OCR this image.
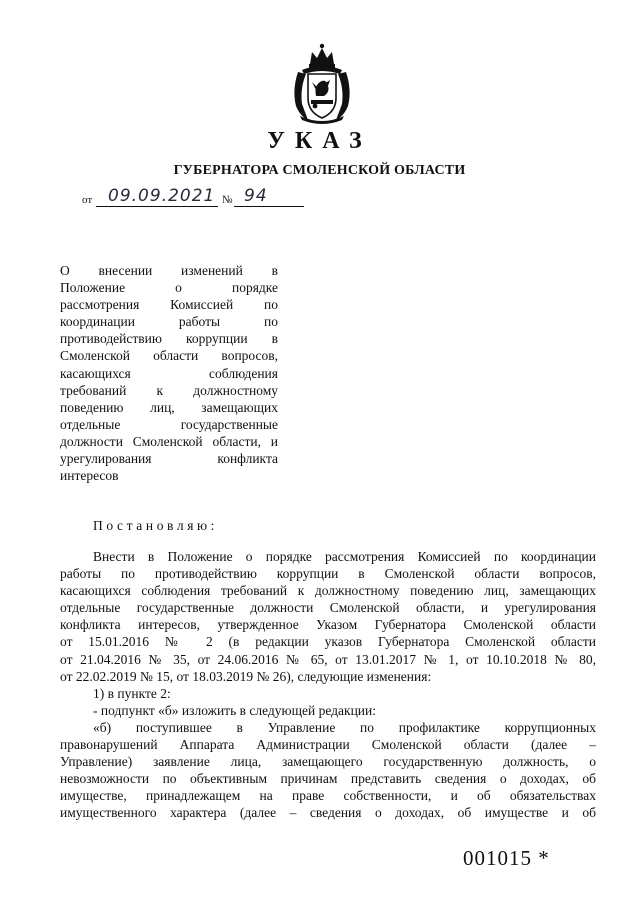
УКАЗ
ГУБЕРНАТОРА СМОЛЕНСКОЙ ОБЛАСТИ
от 09.09.2021 № 94
О внесении изменений в
Положение о порядке
рассмотрения Комиссией по
координации работы по
противодействию коррупции в
Смоленской области вопросов,
касающихся соблюдения
требований к должностному
поведению лиц, замещающих
отдельные государственные
должности Смоленской области, и
урегулирования конфликта
интересов
Постановляю:
Внести в Положение о порядке рассмотрения Комиссией по координации
работы по противодействию коррупции в Смоленской области вопросов,
касающихся соблюдения требований к должностному поведению лиц, замещающих
отдельные государственные должности Смоленской области, и урегулирования
конфликта интересов, утвержденное Указом Губернатора Смоленской области
от 15.01.2016 № 2 (в редакции указов Губернатора Смоленской области
от 21.04.2016 № 35, от 24.06.2016 № 65, от 13.01.2017 № 1, от 10.10.2018 № 80,
от 22.02.2019 № 15, от 18.03.2019 № 26), следующие изменения:
1) в пункте 2:
- подпункт «б» изложить в следующей редакции:
«б) поступившее в Управление по профилактике коррупционных
правонарушений Аппарата Администрации Смоленской области (далее –
Управление) заявление лица, замещающего государственную должность, о
невозможности по объективным причинам представить сведения о доходах, об
имуществе, принадлежащем на праве собственности, и об обязательствах
имущественного характера (далее – сведения о доходах, об имуществе и об
001015 *
